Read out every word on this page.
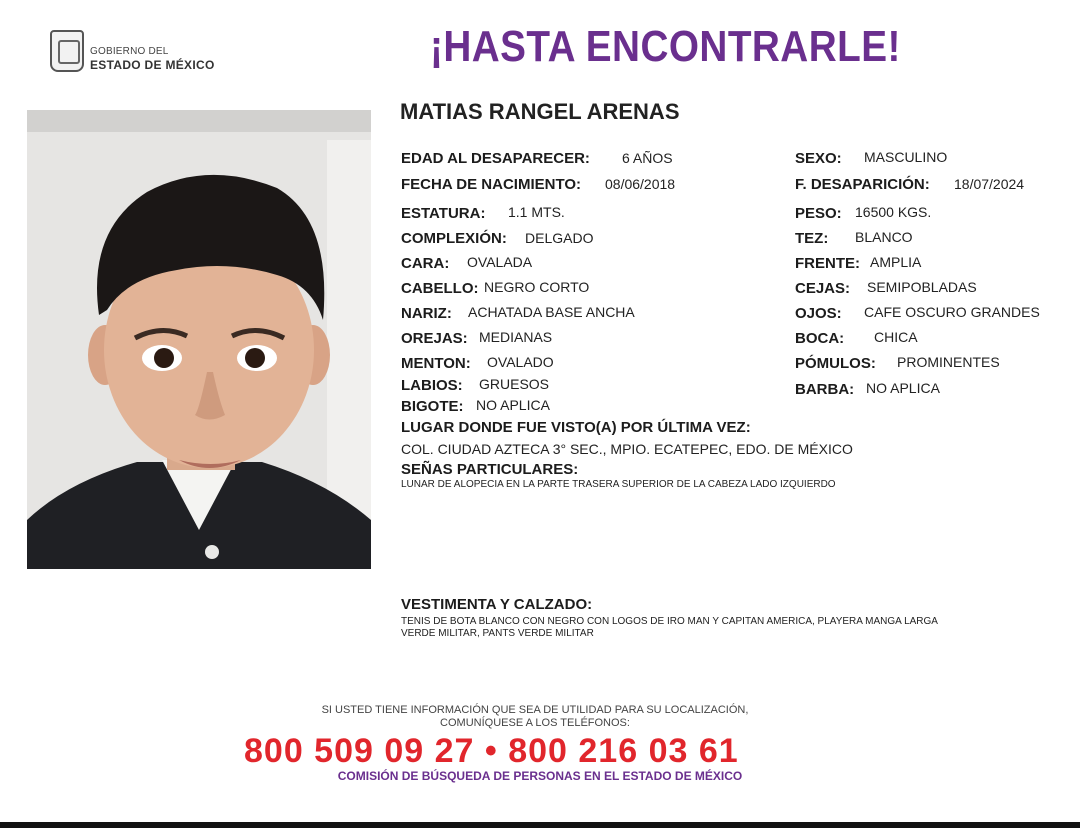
GOBIERNO DEL
ESTADO DE MÉXICO	¡HASTA ENCONTRARLE!
MATIAS RANGEL ARENAS
EDAD AL DESAPARECER: 6 AÑOS
FECHA DE NACIMIENTO: 08/06/2018
ESTATURA: 1.1 MTS.
COMPLEXIÓN: DELGADO
CARA: OVALADA
CABELLO: NEGRO CORTO
NARIZ: ACHATADA BASE ANCHA
OREJAS: MEDIANAS
MENTON: OVALADO
LABIOS: GRUESOS
BIGOTE: NO APLICA
SEXO: MASCULINO
F. DESAPARICIÓN: 18/07/2024
PESO: 16500 KGS.
TEZ: BLANCO
FRENTE: AMPLIA
CEJAS: SEMIPOBLADAS
OJOS: CAFE OSCURO GRANDES
BOCA: CHICA
PÓMULOS: PROMINENTES
BARBA: NO APLICA
LUGAR DONDE FUE VISTO(A) POR ÚLTIMA VEZ:
COL. CIUDAD AZTECA 3° SEC., MPIO. ECATEPEC, EDO. DE MÉXICO
SEÑAS PARTICULARES:
LUNAR DE ALOPECIA EN LA PARTE TRASERA SUPERIOR DE LA CABEZA LADO IZQUIERDO
VESTIMENTA Y CALZADO:
TENIS DE BOTA BLANCO CON NEGRO CON LOGOS DE IRO MAN Y CAPITAN AMERICA, PLAYERA MANGA LARGA
VERDE MILITAR, PANTS VERDE MILITAR
SI USTED TIENE INFORMACIÓN QUE SEA DE UTILIDAD PARA SU LOCALIZACIÓN,
COMUNÍQUESE A LOS TELÉFONOS:
800 509 09 27 • 800 216 03 61
COMISIÓN DE BÚSQUEDA DE PERSONAS EN EL ESTADO DE MÉXICO
